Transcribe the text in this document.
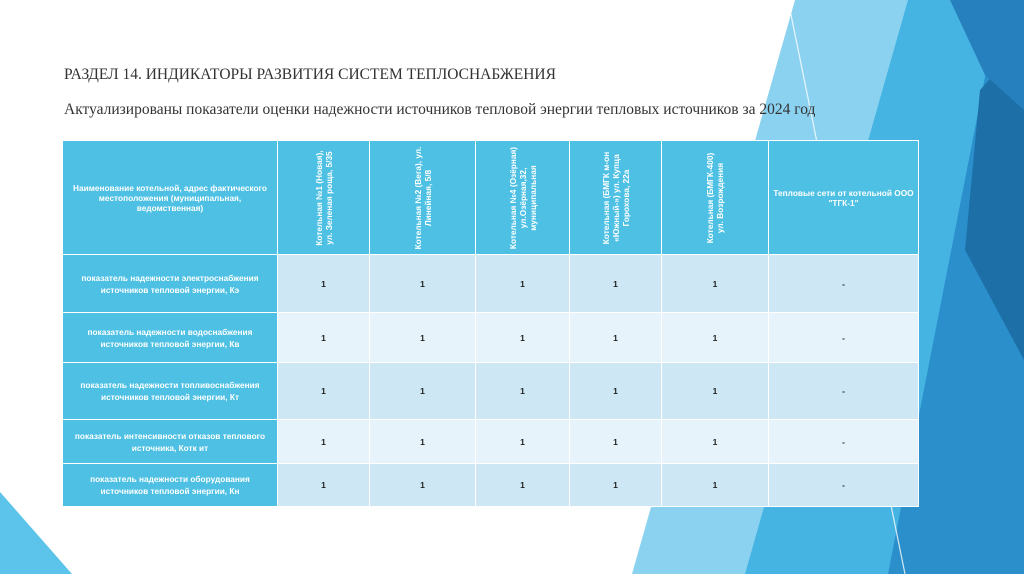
РАЗДЕЛ 14. ИНДИКАТОРЫ РАЗВИТИЯ СИСТЕМ ТЕПЛОСНАБЖЕНИЯ
Актуализированы показатели оценки надежности источников тепловой энергии тепловых источников за 2024 год
Наименование котельной, адрес фактического местоположения (муниципальная, ведомственная)	Котельная №1 (Новая), ул. Зеленая роща, 5/35	Котельная №2 (Вега), ул. Линейная, 5/8	Котельная №4 (Озёрная) ул.Озёрная,32, муниципальная	Котельная (БМГК м-он «Южный-») ул. Купца Горохова, 22а	Котельная (БМГК-400) ул. Возрождения	Тепловые сети от котельной ООО "ТГК-1"
показатель надежности электроснабжения источников тепловой энергии, Кэ	1	1	1	1	1	-
показатель надежности водоснабжения источников тепловой энергии, Кв	1	1	1	1	1	-
показатель надежности топливоснабжения источников тепловой энергии, Кт	1	1	1	1	1	-
показатель интенсивности отказов теплового источника, Котк ит	1	1	1	1	1	-
показатель надежности оборудования источников тепловой энергии, Кн	1	1	1	1	1	-
